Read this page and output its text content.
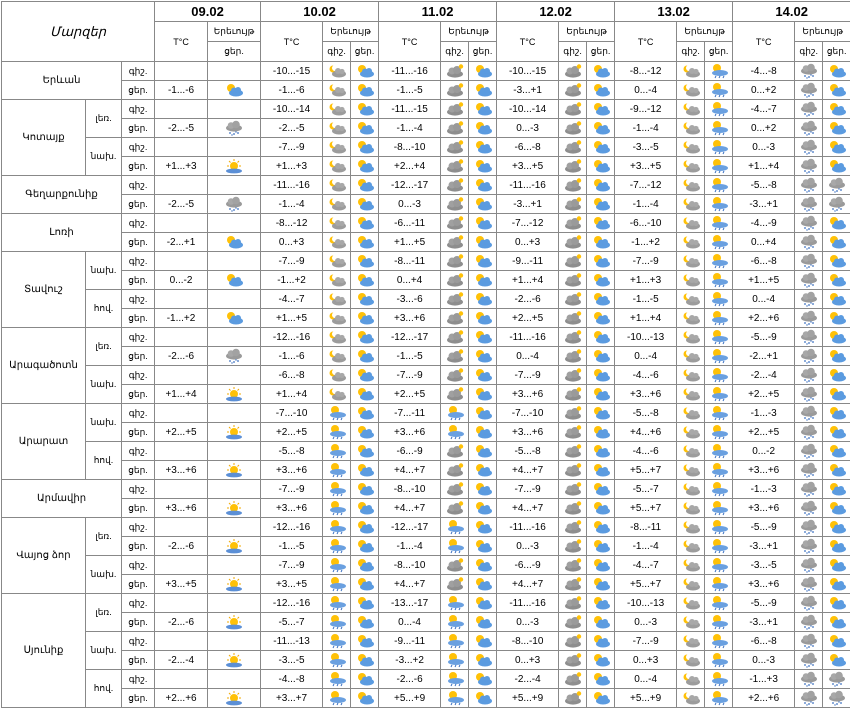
Մարզեր			09.02		10.02			11.02			12.02			13.02			14.02		
			T°C	Երեւույթ	T°C	Երեւույթ		T°C	Երեւույթ		T°C	Երեւույթ		T°C	Երեւույթ		T°C	Երեւույթ	
				ցեր.		գիշ.	ցեր.		գիշ.	ցեր.		գիշ.	ցեր.		գիշ.	ցեր.		գիշ.	ցեր.
Երևան		գիշ.			-10...-15			-11...-16			-10...-15			-8...-12			-4...-8	

		ցեր.	-1...-6		-1...-6			-1...-5			-3...+1			0...-4			0...+2	

Կոտայք	լեռ.	գիշ.			-10...-14			-11...-15			-10...-14			-9...-12			-4...-7	

		ցեր.	-2...-5		-2...-5			-1...-4			0...-3			-1...-4			0...+2	

	նախ.	գիշ.			-7...-9			-8...-10			-6...-8			-3...-5			0...-3	

		ցեր.	+1...+3		+1...+3			+2...+4			+3...+5			+3...+5			+1...+4	

Գեղարքունիք		գիշ.			-11...-16			-12...-17			-11...-16			-7...-12			-5...-8	

		ցեր.	-2...-5		-1...-4			0...-3			-3...+1			-1...-4			-3...+1	

Լոռի		գիշ.			-8...-12			-6...-11			-7...-12			-6...-10			-4...-9	

		ցեր.	-2...+1		0...+3			+1...+5			0...+3			-1...+2			0...+4	

Տավուշ	նախ.	գիշ.			-7...-9			-8...-11			-9...-11			-7...-9			-6...-8	

		ցեր.	0...-2		-1...+2			0...+4			+1...+4			+1...+3			+1...+5	

	հով.	գիշ.			-4...-7			-3...-6			-2...-6			-1...-5			0...-4	

		ցեր.	-1...+2		+1...+5			+3...+6			+2...+5			+1...+4			+2...+6	

Արագածոտն	լեռ.	գիշ.			-12...-16			-12...-17			-11...-16			-10...-13			-5...-9	

		ցեր.	-2...-6		-1...-6			-1...-5			0...-4			0...-4			-2...+1	

	նախ.	գիշ.			-6...-8			-7...-9			-7...-9			-4...-6			-2...-4	

		ցեր.	+1...+4		+1...+4			+2...+5			+3...+6			+3...+6			+2...+5	

Արարատ	նախ.	գիշ.			-7...-10			-7...-11			-7...-10			-5...-8			-1...-3	

		ցեր.	+2...+5		+2...+5			+3...+6			+3...+6			+4...+6			+2...+5	

	հով.	գիշ.			-5...-8			-6...-9			-5...-8			-4...-6			0...-2	

		ցեր.	+3...+6		+3...+6			+4...+7			+4...+7			+5...+7			+3...+6	

Արմավիր		գիշ.			-7...-9			-8...-10			-7...-9			-5...-7			-1...-3	

		ցեր.	+3...+6		+3...+6			+4...+7			+4...+7			+5...+7			+3...+6	

Վայոց ձոր	լեռ.	գիշ.			-12...-16			-12...-17			-11...-16			-8...-11			-5...-9	

		ցեր.	-2...-6		-1...-5			-1...-4			0...-3			-1...-4			-3...+1	

	նախ.	գիշ.			-7...-9			-8...-10			-6...-9			-4...-7			-3...-5	

		ցեր.	+3...+5		+3...+5			+4...+7			+4...+7			+5...+7			+3...+6	

Սյունիք	լեռ.	գիշ.			-12...-16			-13...-17			-11...-16			-10...-13			-5...-9	

		ցեր.	-2...-6		-5...-7			0...-4			0...-3			0...-3			-3...+1	

	նախ.	գիշ.			-11...-13			-9...-11			-8...-10			-7...-9			-6...-8	

		ցեր.	-2...-4		-3...-5			-3...+2			0...+3			0...+3			0...-3	

	հով.	գիշ.			-4...-8			-2...-6			-2...-4			0...-4			-1...+3	

		ցեր.	+2...+6		+3...+7			+5...+9			+5...+9			+5...+9			+2...+6	
